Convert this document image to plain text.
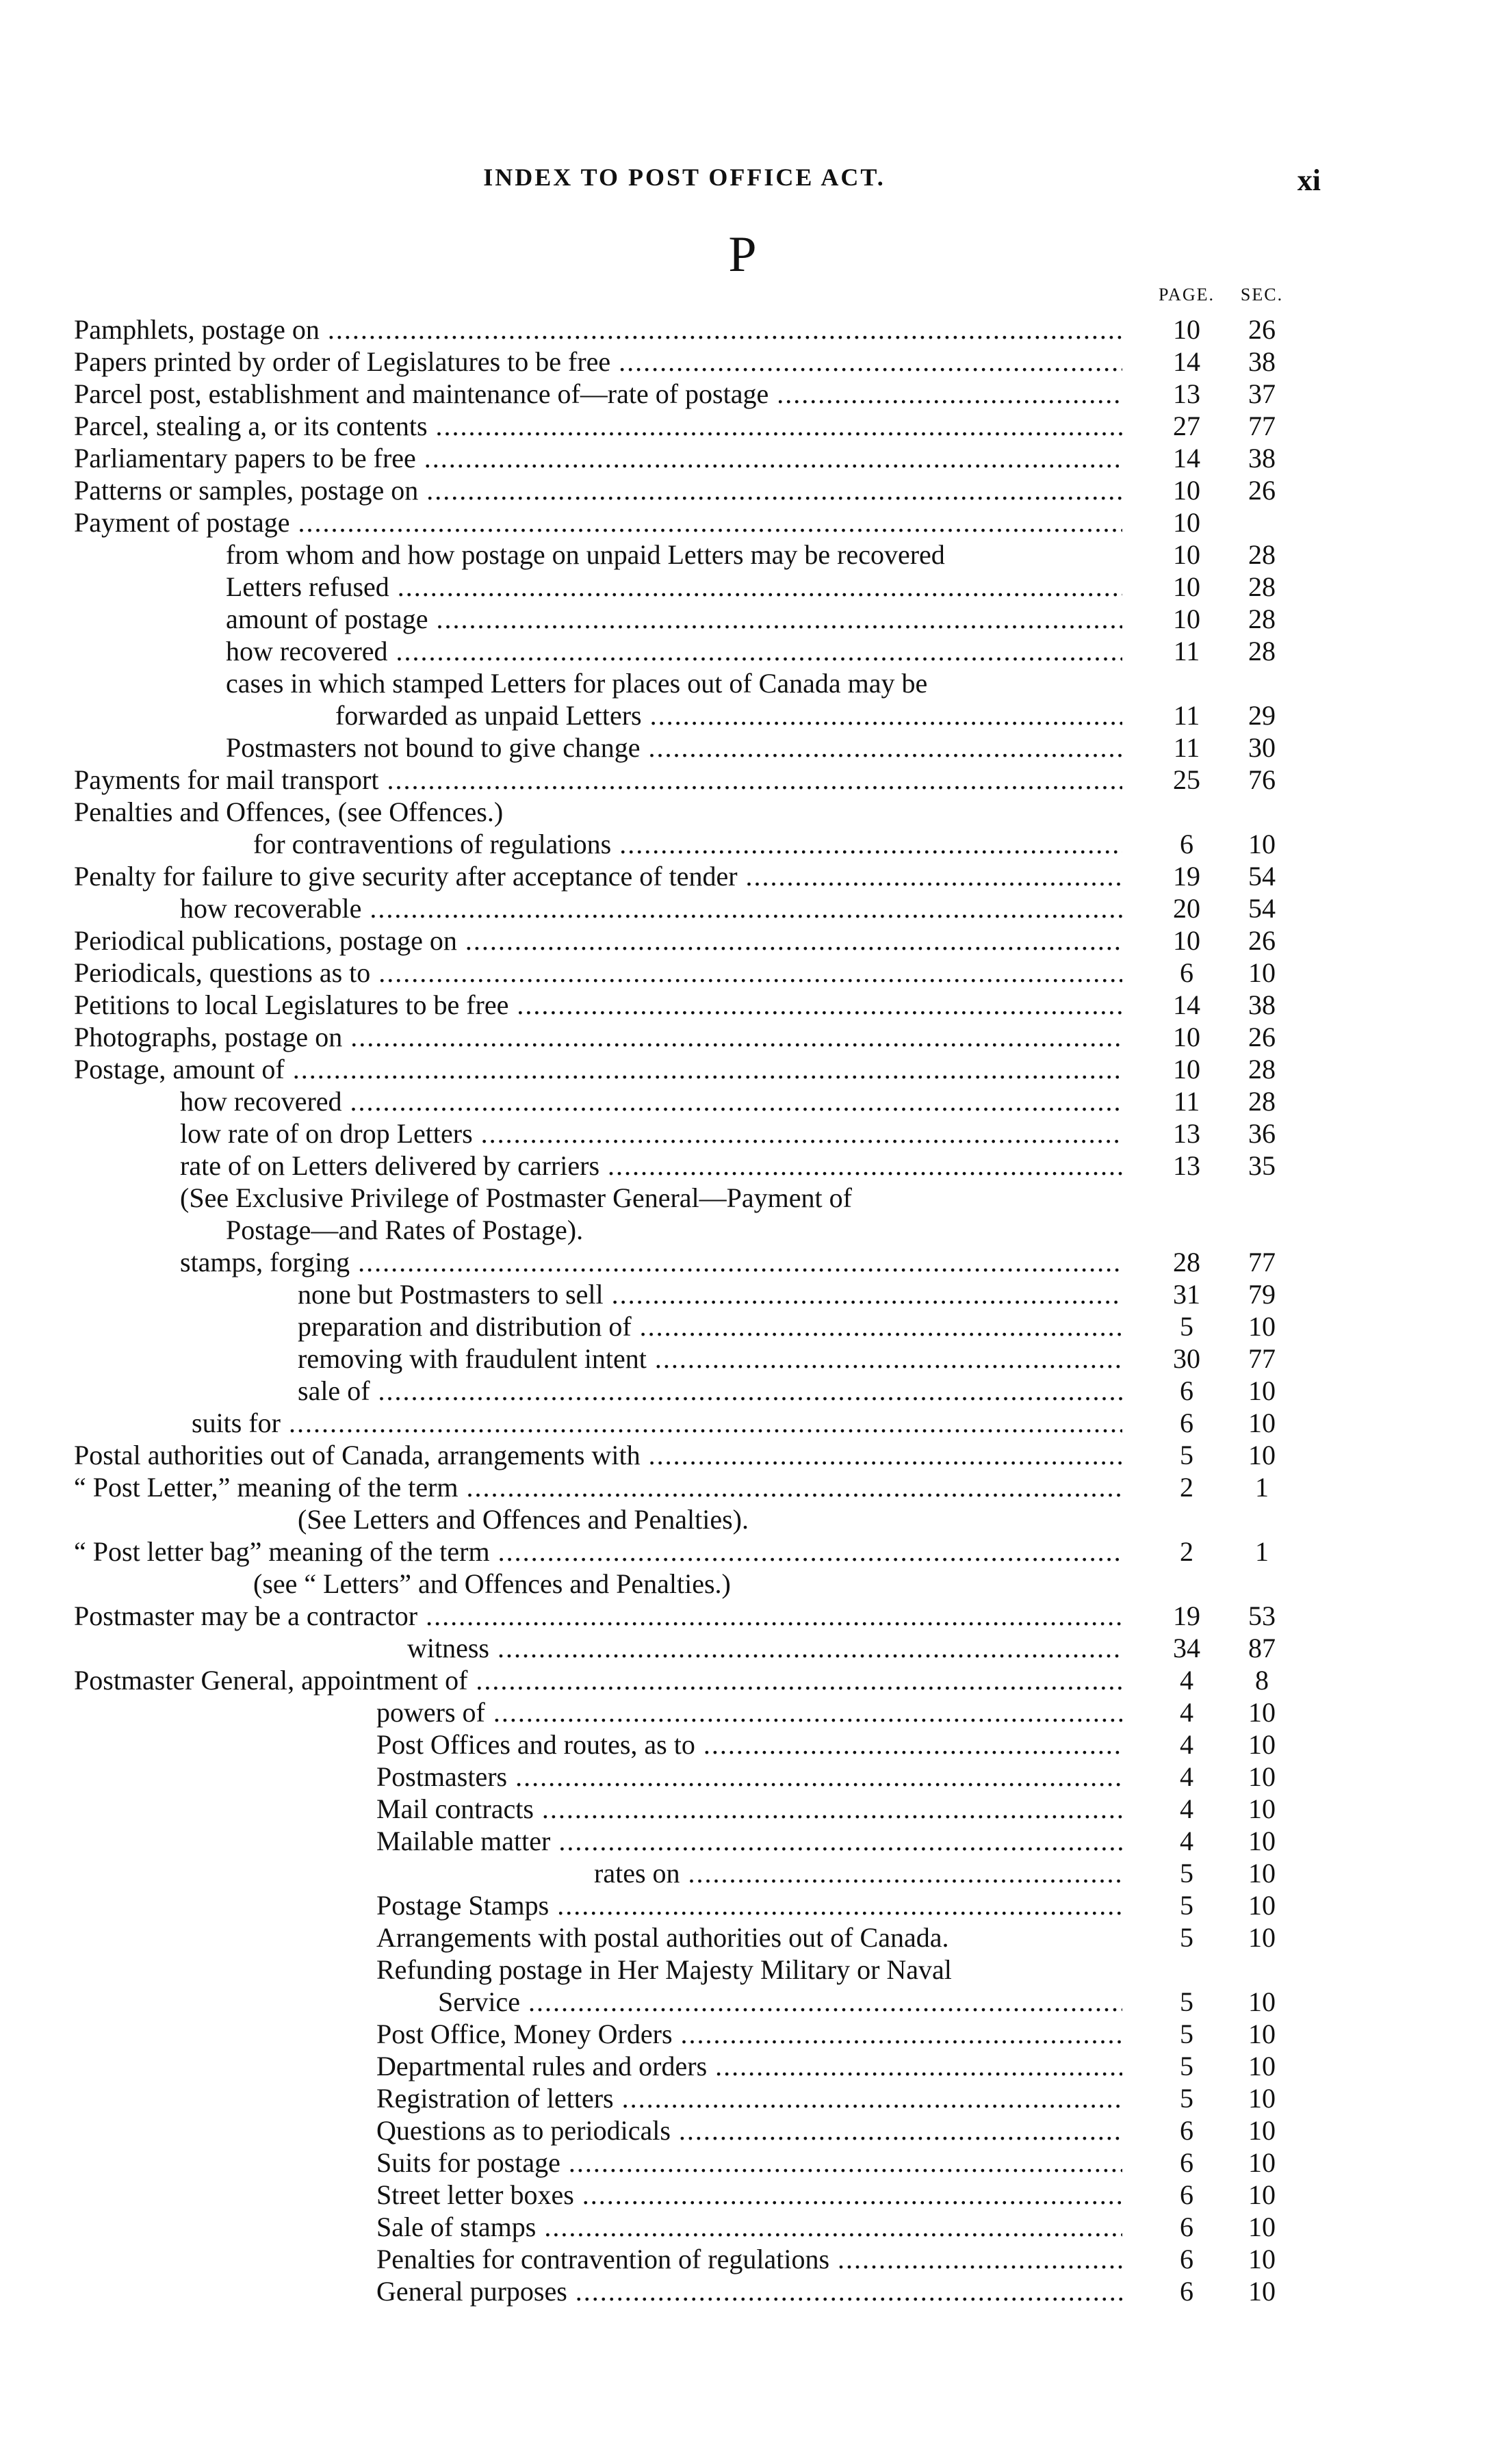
INDEX TO POST OFFICE ACT.	xi
P
PAGE.	SEC.
Pamphlets, postage on .....	10	26
Papers printed by order of Legislatures to be free .....	14	38
Parcel post, establishment and maintenance of—rate of postage .....	13	37
Parcel, stealing a, or its contents .....	27	77
Parliamentary papers to be free .....	14	38
Patterns or samples, postage on .....	10	26
Payment of postage .....	10
from whom and how postage on unpaid Letters may be recovered	10	28
Letters refused .....	10	28
amount of postage .....	10	28
how recovered .....	11	28
cases in which stamped Letters for places out of Canada may be
forwarded as unpaid Letters .....	11	29
Postmasters not bound to give change .....	11	30
Payments for mail transport .....	25	76
Penalties and Offences, (see Offences.)
for contraventions of regulations .....	6	10
Penalty for failure to give security after acceptance of tender .....	19	54
how recoverable .....	20	54
Periodical publications, postage on .....	10	26
Periodicals, questions as to .....	6	10
Petitions to local Legislatures to be free .....	14	38
Photographs, postage on .....	10	26
Postage, amount of .....	10	28
how recovered .....	11	28
low rate of on drop Letters .....	13	36
rate of on Letters delivered by carriers .....	13	35
(See Exclusive Privilege of Postmaster General—Payment of
Postage—and Rates of Postage).
stamps, forging .....	28	77
none but Postmasters to sell .....	31	79
preparation and distribution of .....	5	10
removing with fraudulent intent .....	30	77
sale of .....	6	10
suits for .....	6	10
Postal authorities out of Canada, arrangements with .....	5	10
“ Post Letter,” meaning of the term .....	2	1
(See Letters and Offences and Penalties).
“ Post letter bag” meaning of the term .....	2	1
(see “ Letters” and Offences and Penalties.)
Postmaster may be a contractor .....	19	53
witness .....	34	87
Postmaster General, appointment of .....	4	8
powers of .....	4	10
Post Offices and routes, as to .....	4	10
Postmasters .....	4	10
Mail contracts .....	4	10
Mailable matter .....	4	10
rates on .....	5	10
Postage Stamps .....	5	10
Arrangements with postal authorities out of Canada.	5	10
Refunding postage in Her Majesty Military or Naval
Service .....	5	10
Post Office, Money Orders .....	5	10
Departmental rules and orders .....	5	10
Registration of letters .....	5	10
Questions as to periodicals .....	6	10
Suits for postage .....	6	10
Street letter boxes .....	6	10
Sale of stamps .....	6	10
Penalties for contravention of regulations .....	6	10
General purposes .....	6	10
